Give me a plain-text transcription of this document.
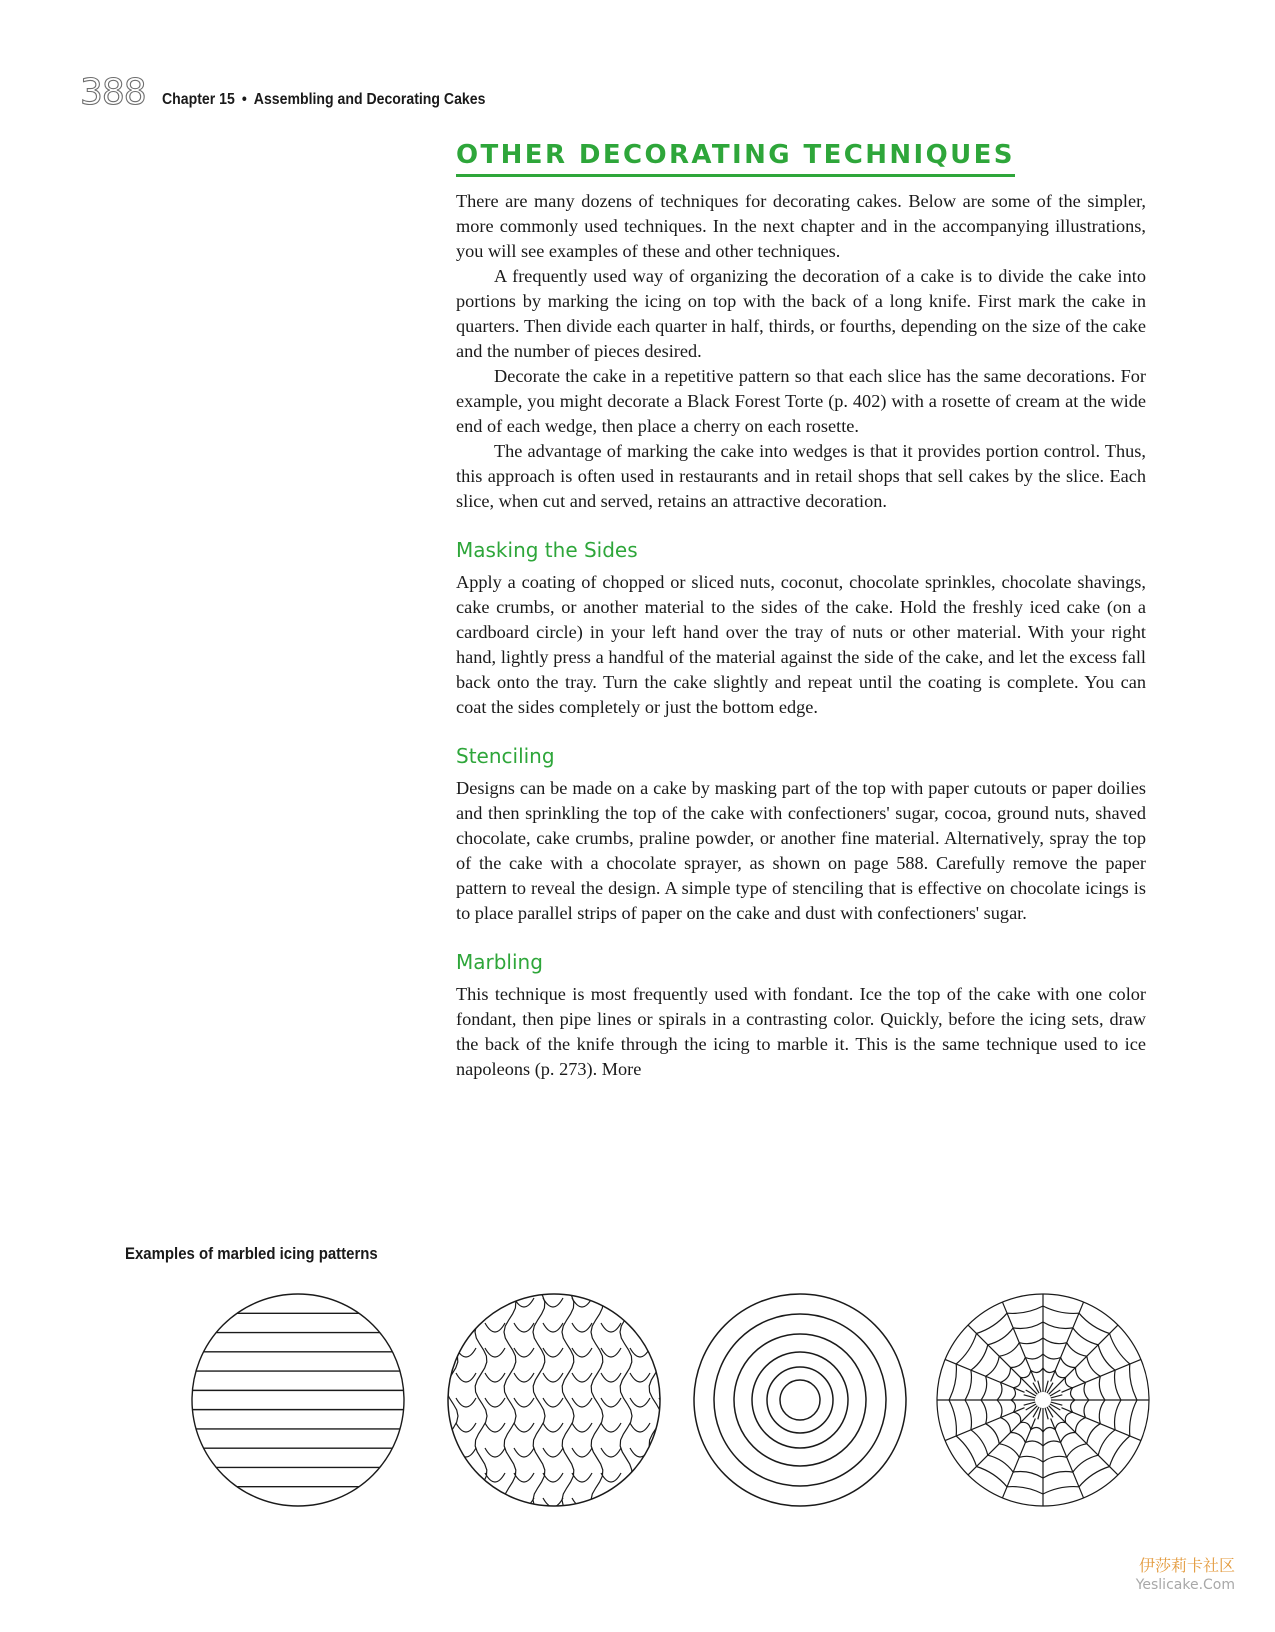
388 Chapter 15 • Assembling and Decorating Cakes
OTHER DECORATING TECHNIQUES

There are many dozens of techniques for decorating cakes. Below are some of the simpler, more commonly used techniques. In the next chapter and in the accompanying illustrations, you will see examples of these and other techniques.

A frequently used way of organizing the decoration of a cake is to divide the cake into portions by marking the icing on top with the back of a long knife. First mark the cake in quarters. Then divide each quarter in half, thirds, or fourths, depending on the size of the cake and the number of pieces desired.

Decorate the cake in a repetitive pattern so that each slice has the same decorations. For example, you might decorate a Black Forest Torte (p. 402) with a rosette of cream at the wide end of each wedge, then place a cherry on each rosette.

The advantage of marking the cake into wedges is that it provides portion control. Thus, this approach is often used in restaurants and in retail shops that sell cakes by the slice. Each slice, when cut and served, retains an attractive decoration.

Masking the Sides

Apply a coating of chopped or sliced nuts, coconut, chocolate sprinkles, chocolate shavings, cake crumbs, or another material to the sides of the cake. Hold the freshly iced cake (on a cardboard circle) in your left hand over the tray of nuts or other material. With your right hand, lightly press a handful of the material against the side of the cake, and let the excess fall back onto the tray. Turn the cake slightly and repeat until the coating is complete. You can coat the sides completely or just the bottom edge.

Stenciling

Designs can be made on a cake by masking part of the top with paper cutouts or paper doilies and then sprinkling the top of the cake with confectioners' sugar, cocoa, ground nuts, shaved chocolate, cake crumbs, praline powder, or another fine material. Alternatively, spray the top of the cake with a chocolate sprayer, as shown on page 588. Carefully remove the paper pattern to reveal the design. A simple type of stenciling that is effective on chocolate icings is to place parallel strips of paper on the cake and dust with confectioners' sugar.

Marbling

This technique is most frequently used with fondant. Ice the top of the cake with one color fondant, then pipe lines or spirals in a contrasting color. Quickly, before the icing sets, draw the back of the knife through the icing to marble it. This is the same technique used to ice napoleons (p. 273). More

Examples of marbled icing patterns
伊莎莉卡社区
Yeslicake.Com
